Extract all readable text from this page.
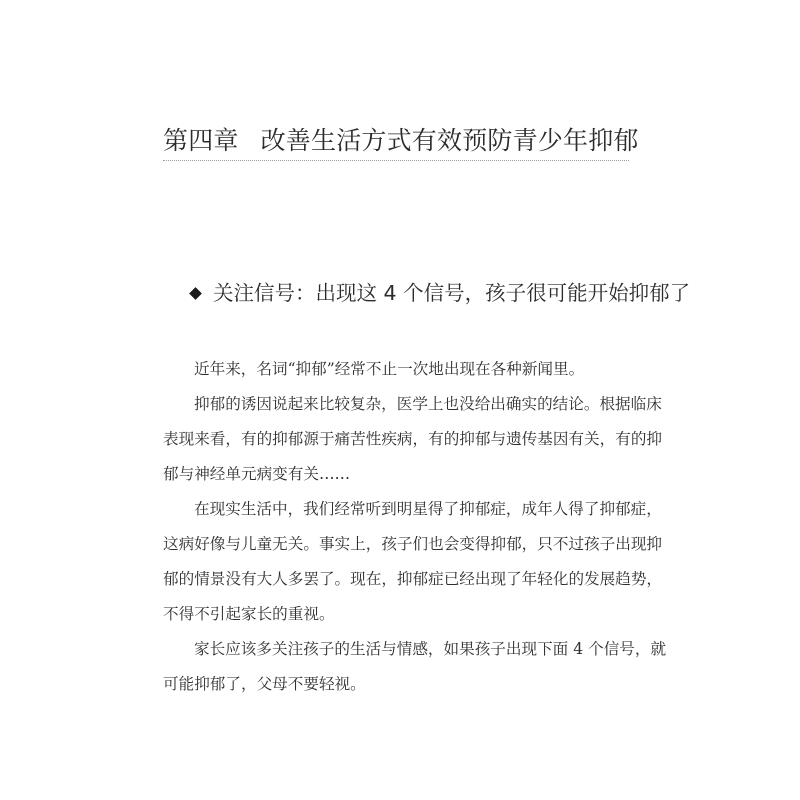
第四章 改善生活方式有效预防青少年抑郁
关注信号：出现这 4 个信号，孩子很可能开始抑郁了
近年来，名词“抑郁”经常不止一次地出现在各种新闻里。
抑郁的诱因说起来比较复杂，医学上也没给出确实的结论。根据临床
表现来看，有的抑郁源于痛苦性疾病，有的抑郁与遗传基因有关，有的抑
郁与神经单元病变有关……
在现实生活中，我们经常听到明星得了抑郁症，成年人得了抑郁症，
这病好像与儿童无关。事实上，孩子们也会变得抑郁，只不过孩子出现抑
郁的情景没有大人多罢了。现在，抑郁症已经出现了年轻化的发展趋势，
不得不引起家长的重视。
家长应该多关注孩子的生活与情感，如果孩子出现下面 4 个信号，就
可能抑郁了，父母不要轻视。
